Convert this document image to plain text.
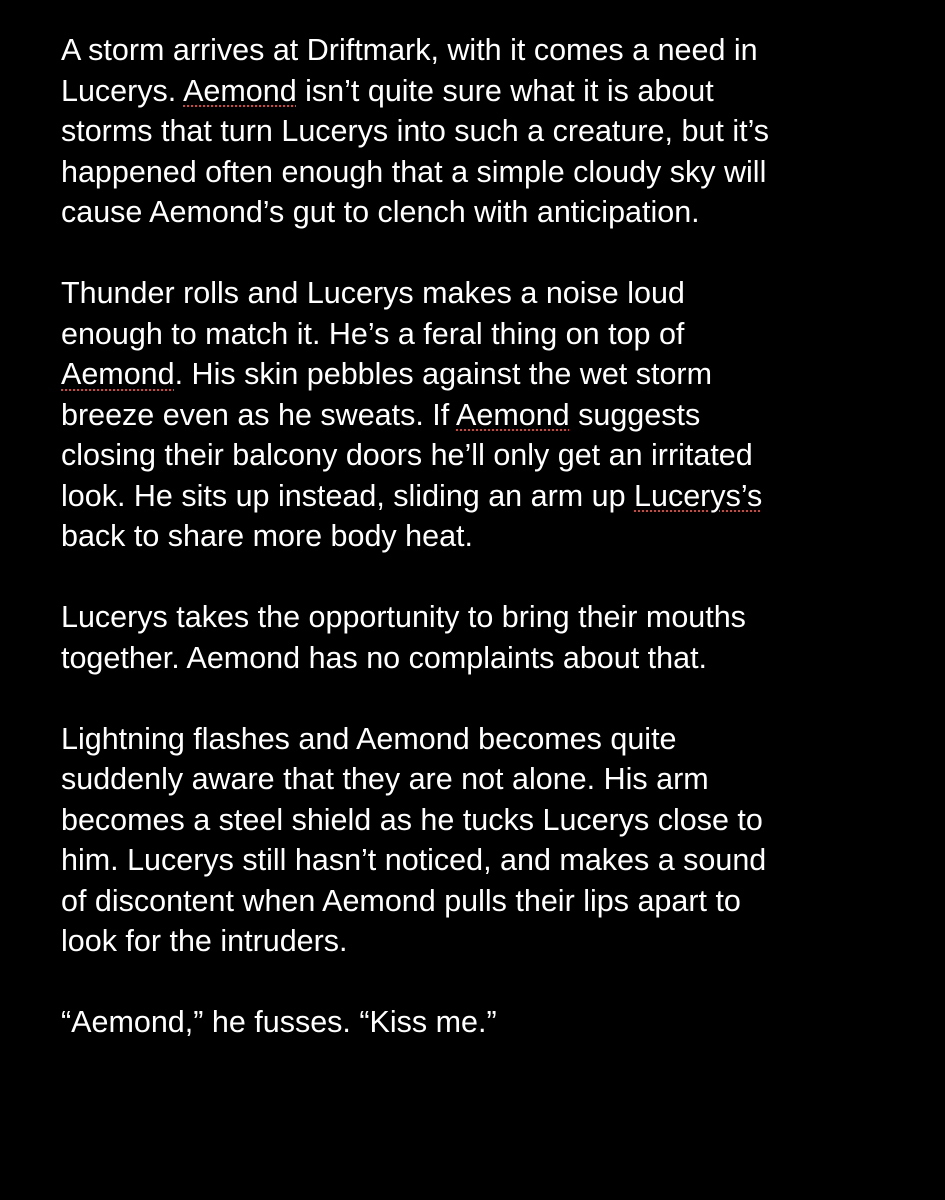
A storm arrives at Driftmark, with it comes a need in
Lucerys. Aemond isn’t quite sure what it is about
storms that turn Lucerys into such a creature, but it’s
happened often enough that a simple cloudy sky will
cause Aemond’s gut to clench with anticipation.

Thunder rolls and Lucerys makes a noise loud
enough to match it. He’s a feral thing on top of
Aemond. His skin pebbles against the wet storm
breeze even as he sweats. If Aemond suggests
closing their balcony doors he’ll only get an irritated
look. He sits up instead, sliding an arm up Lucerys’s
back to share more body heat.

Lucerys takes the opportunity to bring their mouths
together. Aemond has no complaints about that.

Lightning flashes and Aemond becomes quite
suddenly aware that they are not alone. His arm
becomes a steel shield as he tucks Lucerys close to
him. Lucerys still hasn’t noticed, and makes a sound
of discontent when Aemond pulls their lips apart to
look for the intruders.

“Aemond,” he fusses. “Kiss me.”
